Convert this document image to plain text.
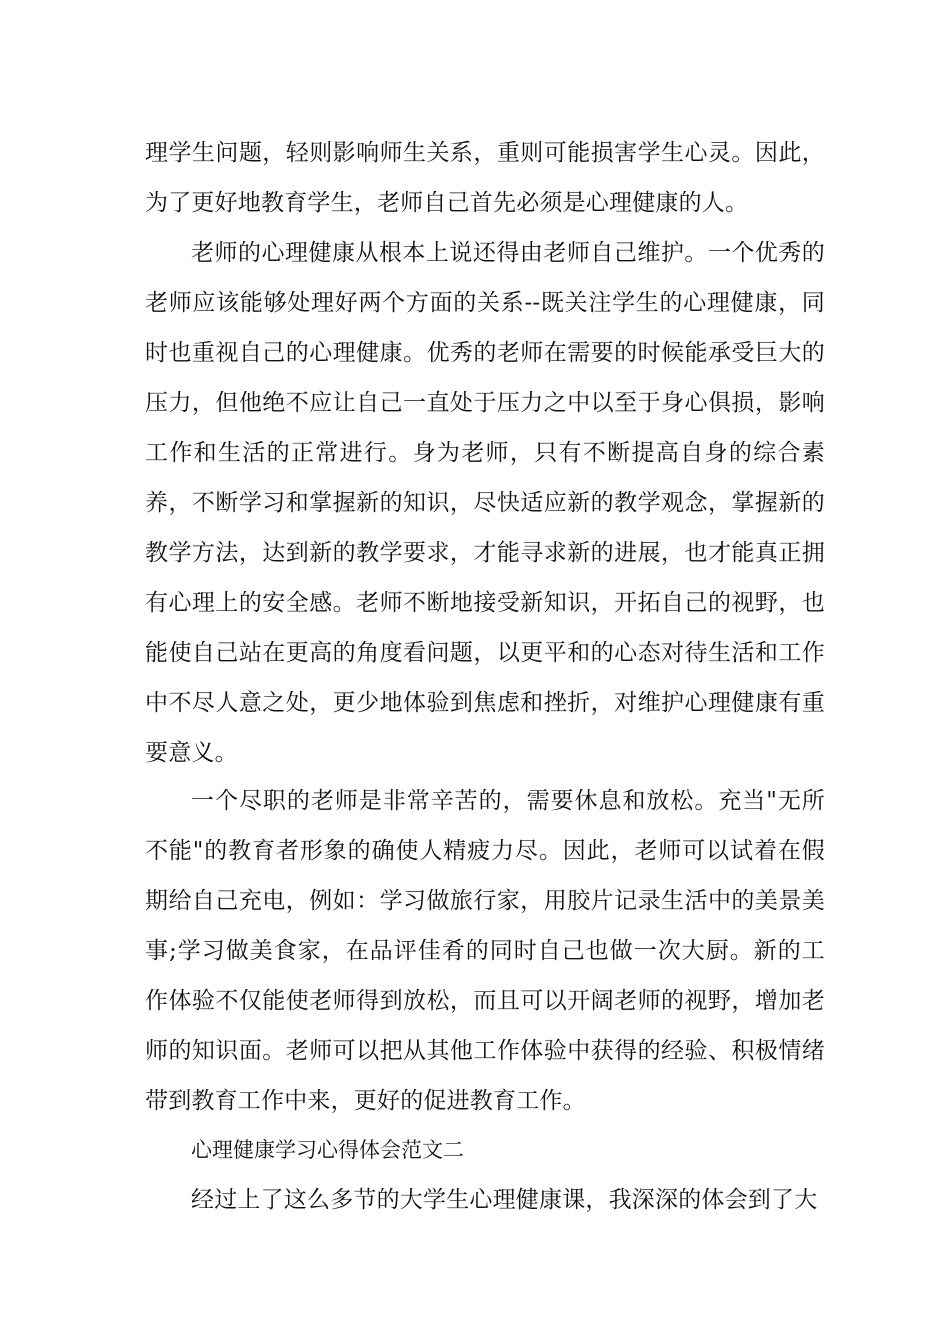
理学生问题，轻则影响师生关系，重则可能损害学生心灵。因此，为了更好地教育学生，老师自己首先必须是心理健康的人。

老师的心理健康从根本上说还得由老师自己维护。一个优秀的老师应该能够处理好两个方面的关系--既关注学生的心理健康，同时也重视自己的心理健康。优秀的老师在需要的时候能承受巨大的压力，但他绝不应让自己一直处于压力之中以至于身心俱损，影响工作和生活的正常进行。身为老师，只有不断提高自身的综合素养，不断学习和掌握新的知识，尽快适应新的教学观念，掌握新的教学方法，达到新的教学要求，才能寻求新的进展，也才能真正拥有心理上的安全感。老师不断地接受新知识，开拓自己的视野，也能使自己站在更高的角度看问题，以更平和的心态对待生活和工作中不尽人意之处，更少地体验到焦虑和挫折，对维护心理健康有重要意义。

一个尽职的老师是非常辛苦的，需要休息和放松。充当"无所不能"的教育者形象的确使人精疲力尽。因此，老师可以试着在假期给自己充电，例如：学习做旅行家，用胶片记录生活中的美景美事;学习做美食家，在品评佳肴的同时自己也做一次大厨。新的工作体验不仅能使老师得到放松，而且可以开阔老师的视野，增加老师的知识面。老师可以把从其他工作体验中获得的经验、积极情绪带到教育工作中来，更好的促进教育工作。

心理健康学习心得体会范文二

经过上了这么多节的大学生心理健康课，我深深的体会到了大
